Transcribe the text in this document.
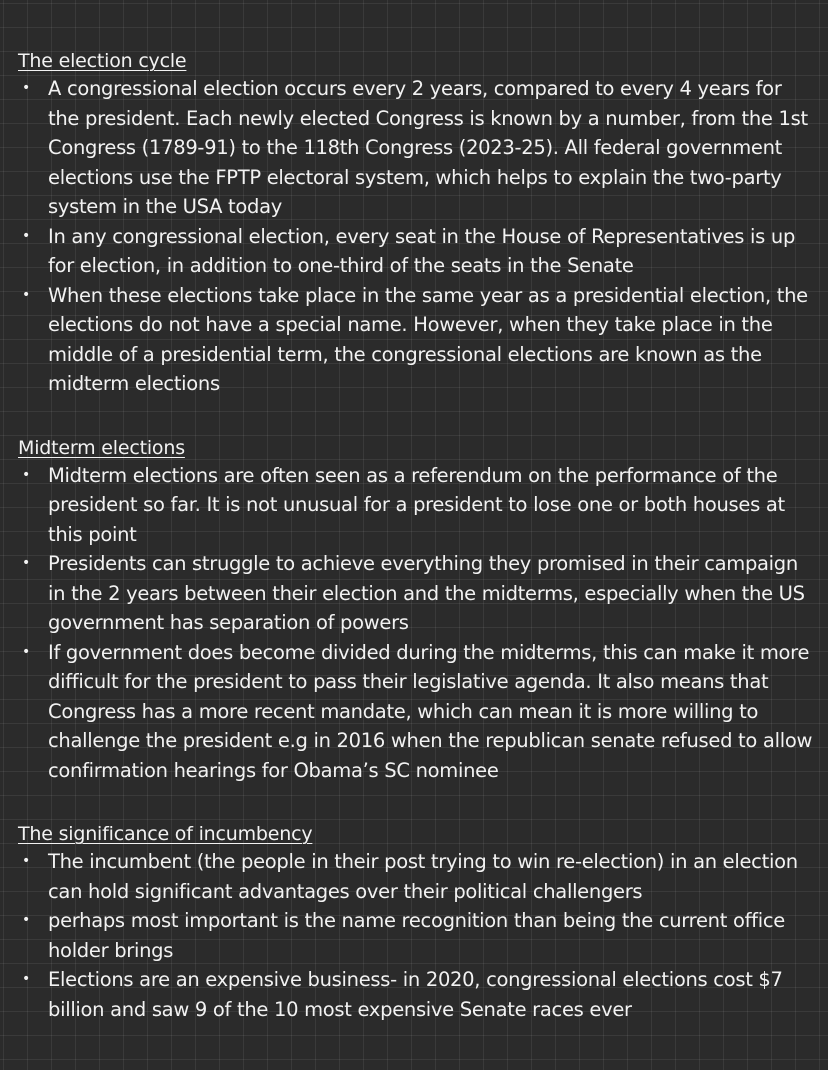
The election cycle
• A congressional election occurs every 2 years, compared to every 4 years for the president. Each newly elected Congress is known by a number, from the 1st Congress (1789-91) to the 118th Congress (2023-25). All federal government elections use the FPTP electoral system, which helps to explain the two-party system in the USA today
• In any congressional election, every seat in the House of Representatives is up for election, in addition to one-third of the seats in the Senate
• When these elections take place in the same year as a presidential election, the elections do not have a special name. However, when they take place in the middle of a presidential term, the congressional elections are known as the midterm elections
Midterm elections
• Midterm elections are often seen as a referendum on the performance of the president so far. It is not unusual for a president to lose one or both houses at this point
• Presidents can struggle to achieve everything they promised in their campaign in the 2 years between their election and the midterms, especially when the US government has separation of powers
• If government does become divided during the midterms, this can make it more difficult for the president to pass their legislative agenda. It also means that Congress has a more recent mandate, which can mean it is more willing to challenge the president e.g in 2016 when the republican senate refused to allow confirmation hearings for Obama’s SC nominee
The significance of incumbency
• The incumbent (the people in their post trying to win re-election) in an election can hold significant advantages over their political challengers
• perhaps most important is the name recognition than being the current office holder brings
• Elections are an expensive business- in 2020, congressional elections cost $7 billion and saw 9 of the 10 most expensive Senate races ever
